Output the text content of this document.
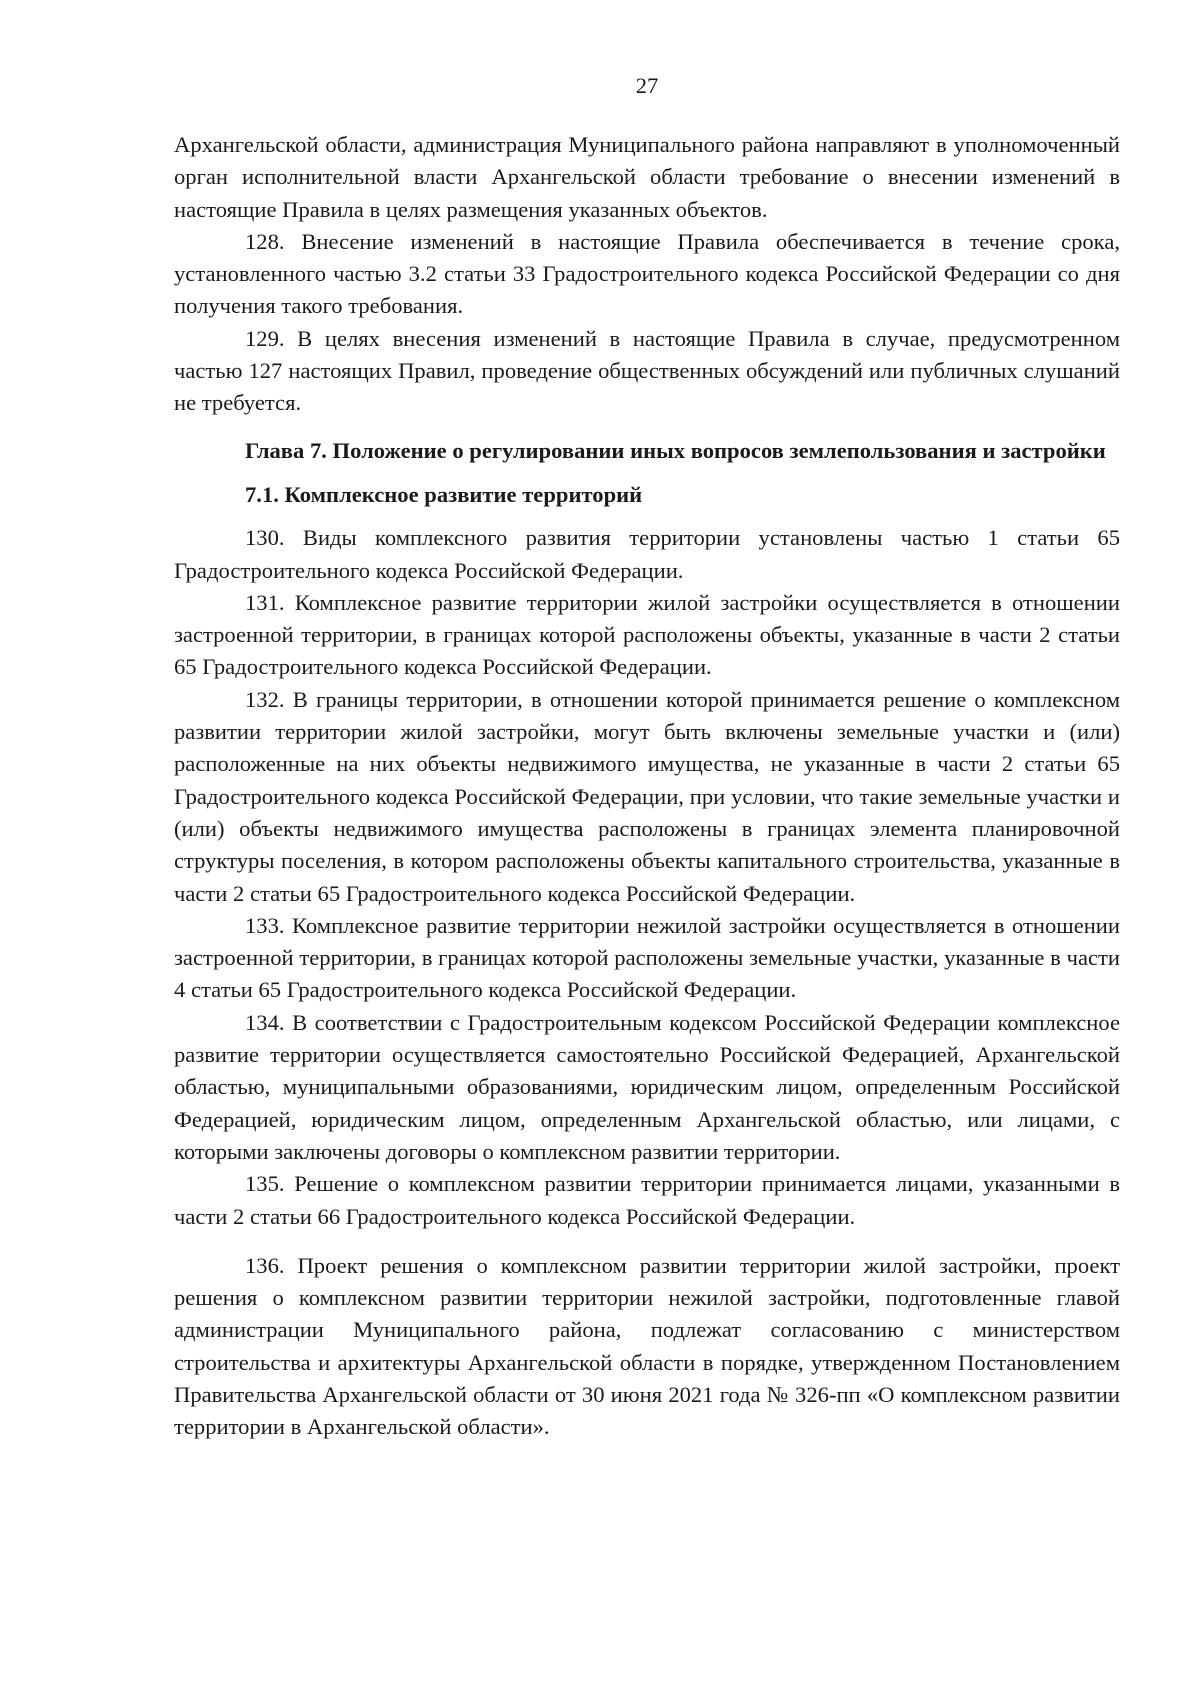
27

Архангельской области, администрация Муниципального района направляют в уполномоченный орган исполнительной власти Архангельской области требование о внесении изменений в настоящие Правила в целях размещения указанных объектов.

128. Внесение изменений в настоящие Правила обеспечивается в течение срока, установленного частью 3.2 статьи 33 Градостроительного кодекса Российской Федерации со дня получения такого требования.

129. В целях внесения изменений в настоящие Правила в случае, предусмотренном частью 127 настоящих Правил, проведение общественных обсуждений или публичных слушаний не требуется.

Глава 7. Положение о регулировании иных вопросов землепользования и застройки

7.1. Комплексное развитие территорий

130. Виды комплексного развития территории установлены частью 1 статьи 65 Градостроительного кодекса Российской Федерации.

131. Комплексное развитие территории жилой застройки осуществляется в отношении застроенной территории, в границах которой расположены объекты, указанные в части 2 статьи 65 Градостроительного кодекса Российской Федерации.

132. В границы территории, в отношении которой принимается решение о комплексном развитии территории жилой застройки, могут быть включены земельные участки и (или) расположенные на них объекты недвижимого имущества, не указанные в части 2 статьи 65 Градостроительного кодекса Российской Федерации, при условии, что такие земельные участки и (или) объекты недвижимого имущества расположены в границах элемента планировочной структуры поселения, в котором расположены объекты капитального строительства, указанные в части 2 статьи 65 Градостроительного кодекса Российской Федерации.

133. Комплексное развитие территории нежилой застройки осуществляется в отношении застроенной территории, в границах которой расположены земельные участки, указанные в части 4 статьи 65 Градостроительного кодекса Российской Федерации.

134. В соответствии с Градостроительным кодексом Российской Федерации комплексное развитие территории осуществляется самостоятельно Российской Федерацией, Архангельской областью, муниципальными образованиями, юридическим лицом, определенным Российской Федерацией, юридическим лицом, определенным Архангельской областью, или лицами, с которыми заключены договоры о комплексном развитии территории.

135. Решение о комплексном развитии территории принимается лицами, указанными в части 2 статьи 66 Градостроительного кодекса Российской Федерации.

136. Проект решения о комплексном развитии территории жилой застройки, проект решения о комплексном развитии территории нежилой застройки, подготовленные главой администрации Муниципального района, подлежат согласованию с министерством строительства и архитектуры Архангельской области в порядке, утвержденном Постановлением Правительства Архангельской области от 30 июня 2021 года № 326-пп «О комплексном развитии территории в Архангельской области».
